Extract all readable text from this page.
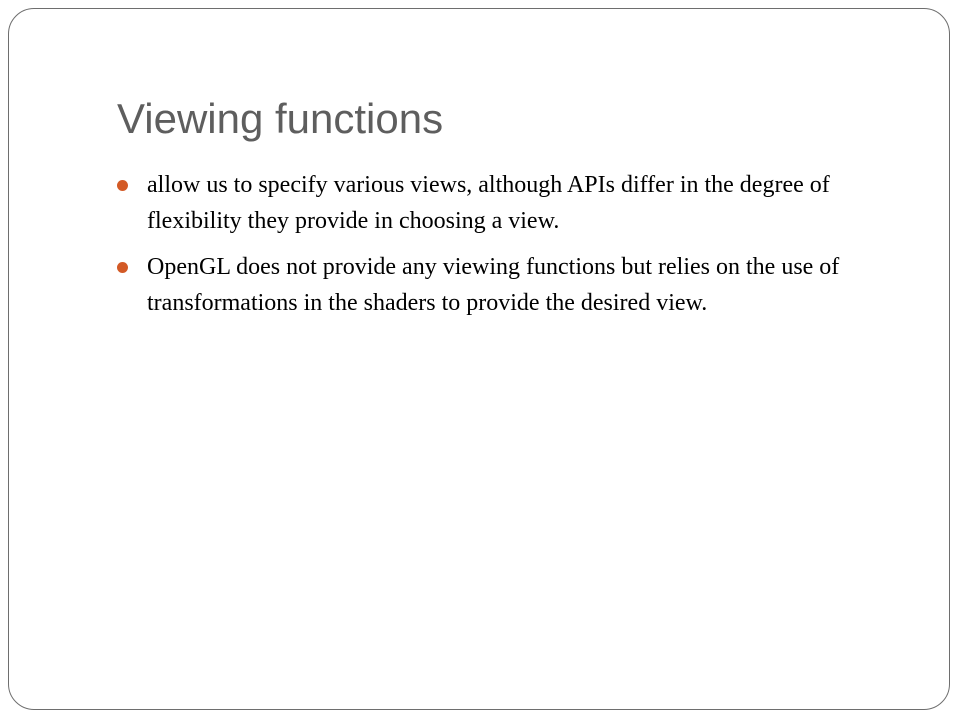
Viewing functions
allow us to specify various views, although APIs differ in the degree of flexibility they provide in choosing a view.
OpenGL does not provide any viewing functions but relies on the use of transformations in the shaders to provide the desired view.
